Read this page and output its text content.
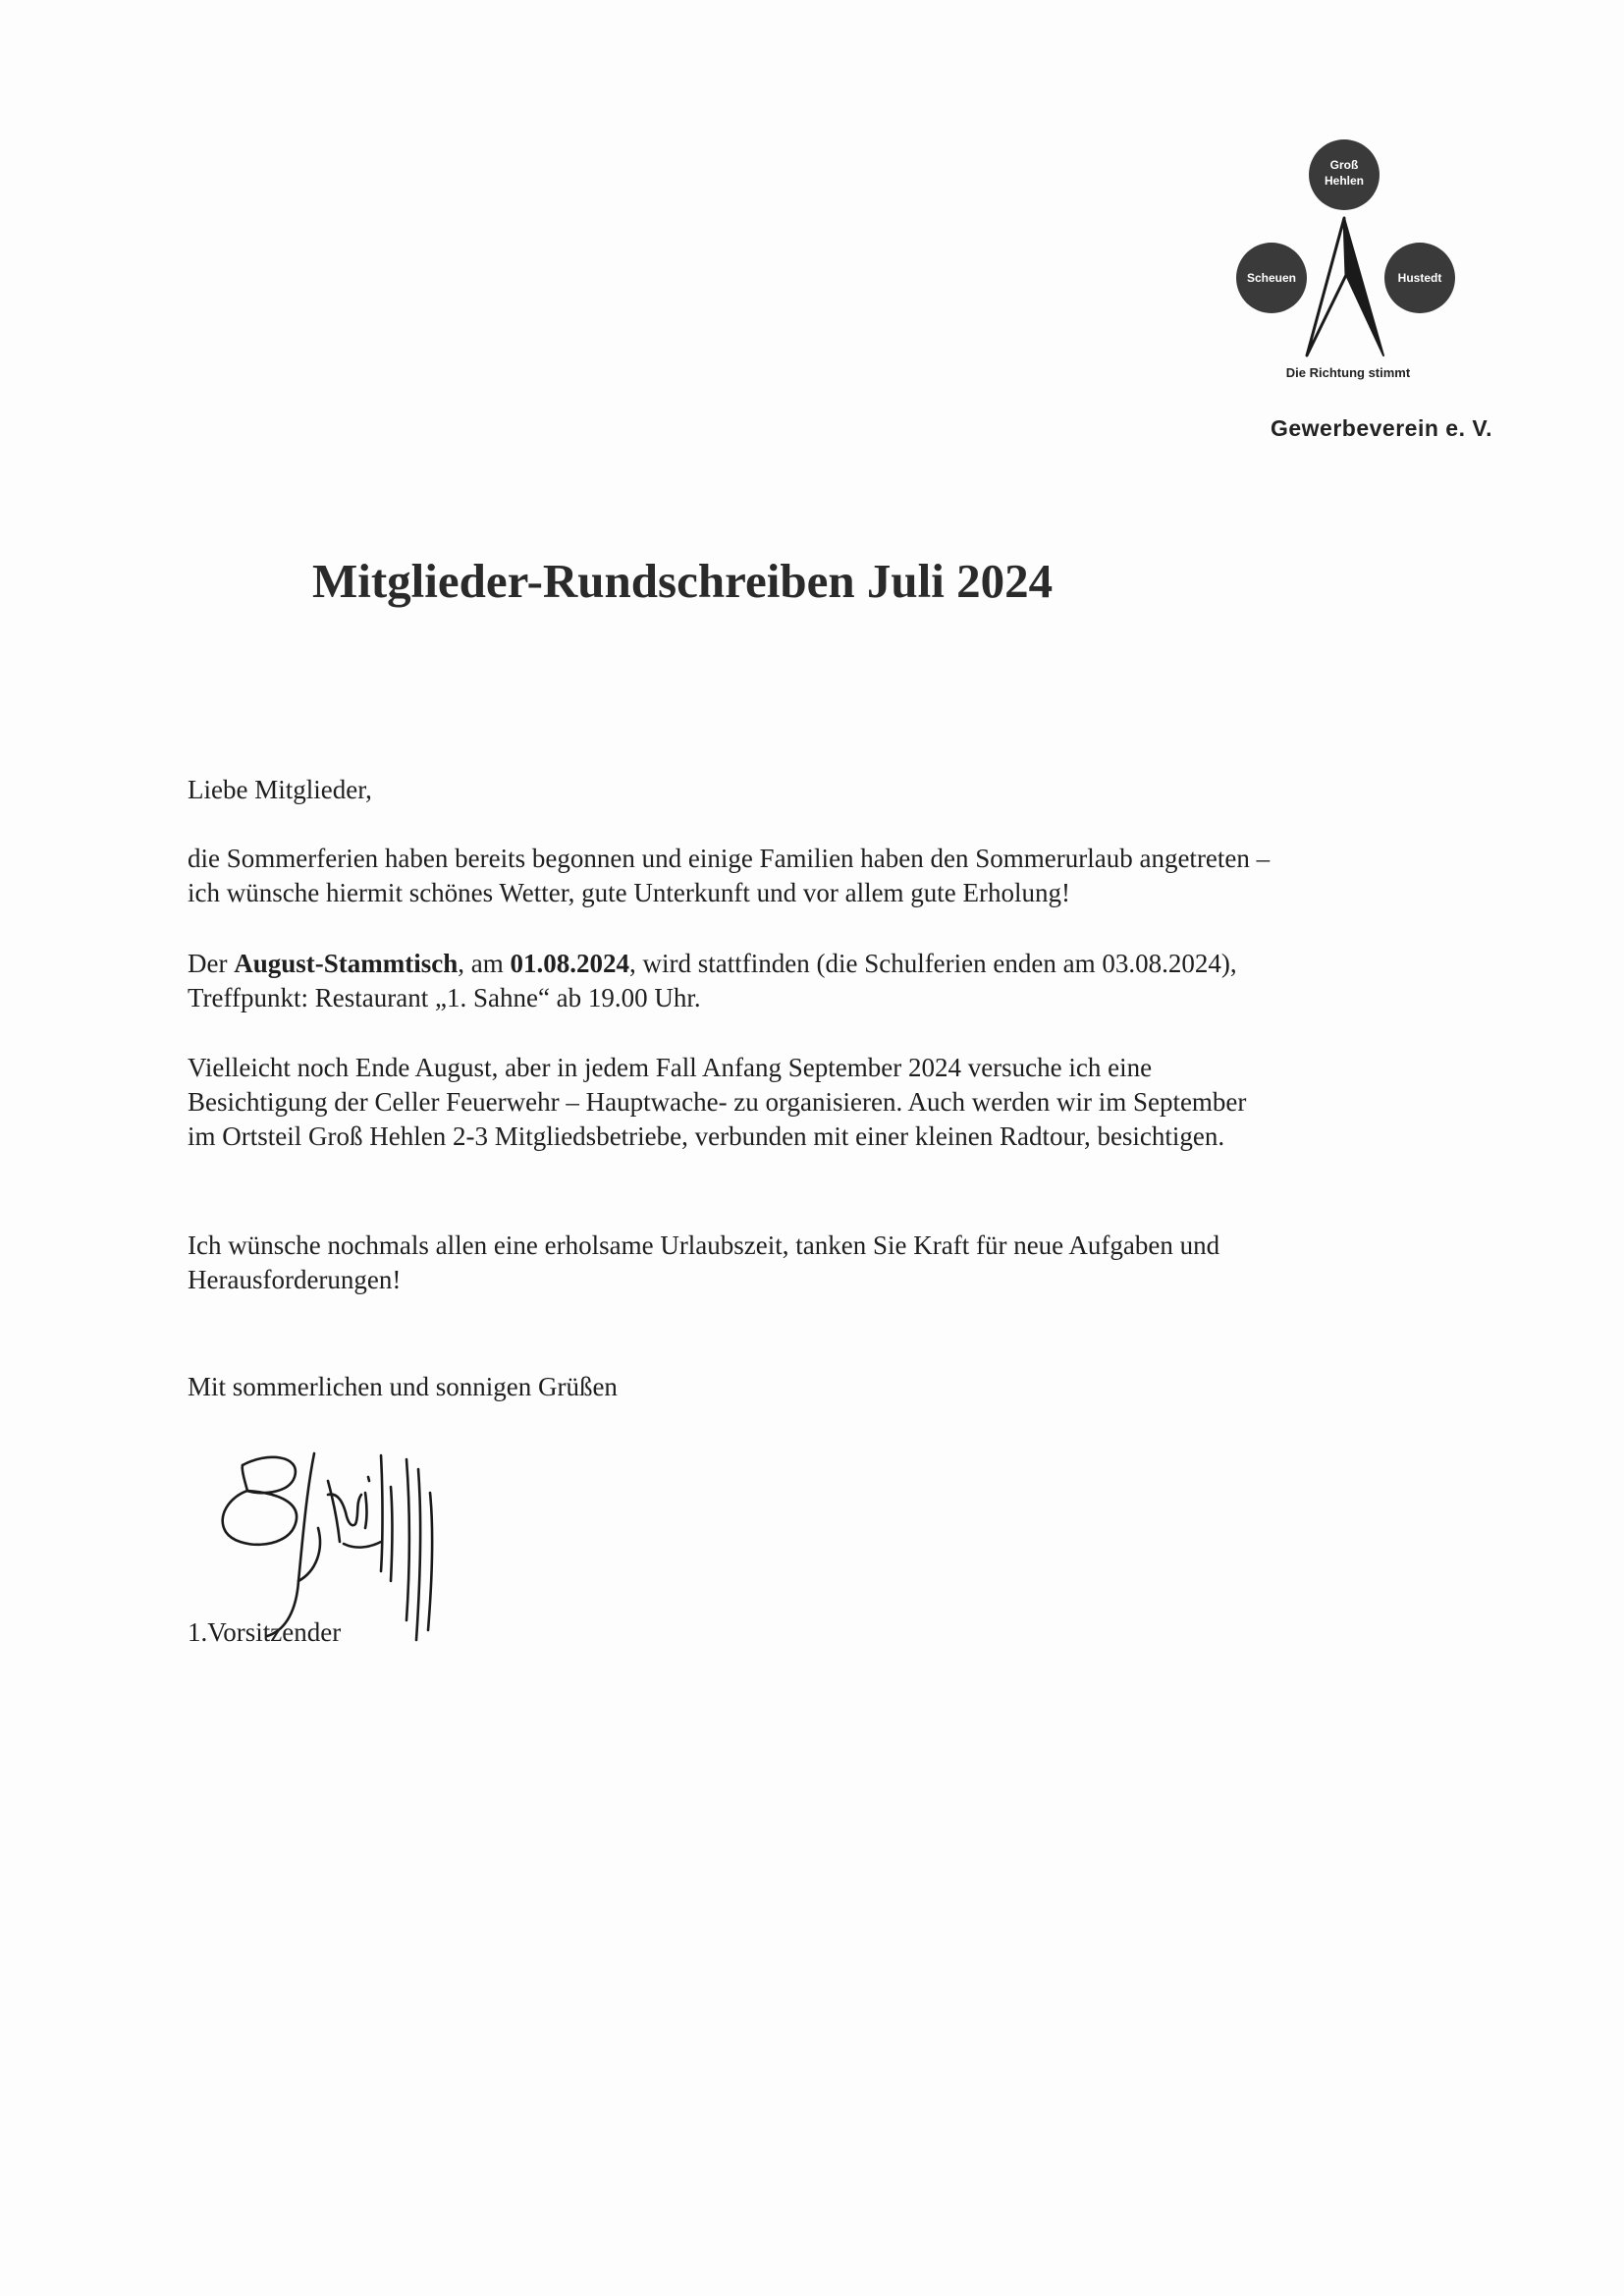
Groß
Hehlen
Scheuen	Hustedt
Die Richtung stimmt
Gewerbeverein e. V.
Mitglieder-Rundschreiben Juli 2024
Liebe Mitglieder,
die Sommerferien haben bereits begonnen und einige Familien haben den Sommerurlaub angetreten –
ich wünsche hiermit schönes Wetter, gute Unterkunft und vor allem gute Erholung!
Der August-Stammtisch, am 01.08.2024, wird stattfinden (die Schulferien enden am 03.08.2024),
Treffpunkt: Restaurant „1. Sahne“ ab 19.00 Uhr.
Vielleicht noch Ende August, aber in jedem Fall Anfang September 2024 versuche ich eine
Besichtigung der Celler Feuerwehr – Hauptwache- zu organisieren. Auch werden wir im September
im Ortsteil Groß Hehlen 2-3 Mitgliedsbetriebe, verbunden mit einer kleinen Radtour, besichtigen.
Ich wünsche nochmals allen eine erholsame Urlaubszeit, tanken Sie Kraft für neue Aufgaben und
Herausforderungen!
Mit sommerlichen und sonnigen Grüßen
1.Vorsitzender
